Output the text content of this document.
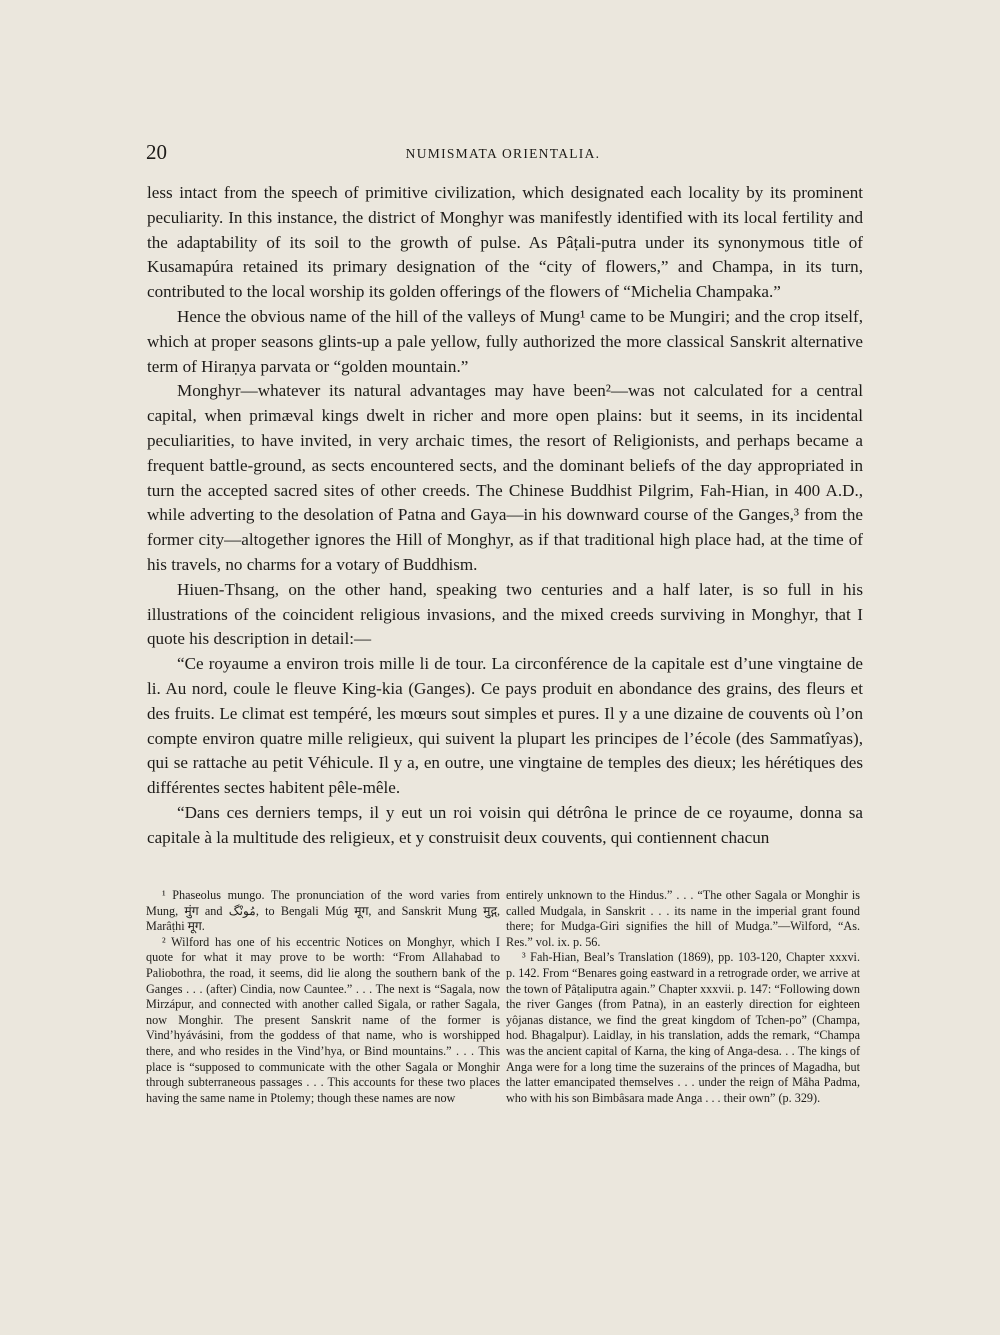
20	NUMISMATA ORIENTALIA.

less intact from the speech of primitive civilization, which designated each locality by its prominent peculiarity. In this instance, the district of Monghyr was manifestly identified with its local fertility and the adaptability of its soil to the growth of pulse. As Pâṭali-putra under its synonymous title of Kusamapúra retained its primary designation of the “city of flowers,” and Champa, in its turn, contributed to the local worship its golden offerings of the flowers of “Michelia Champaka.”

Hence the obvious name of the hill of the valleys of Mung¹ came to be Mungiri; and the crop itself, which at proper seasons glints-up a pale yellow, fully authorized the more classical Sanskrit alternative term of Hiraṇya parvata or “golden mountain.”

Monghyr—whatever its natural advantages may have been²—was not calculated for a central capital, when primæval kings dwelt in richer and more open plains: but it seems, in its incidental peculiarities, to have invited, in very archaic times, the resort of Religionists, and perhaps became a frequent battle-ground, as sects encountered sects, and the dominant beliefs of the day appropriated in turn the accepted sacred sites of other creeds. The Chinese Buddhist Pilgrim, Fah-Hian, in 400 A.D., while adverting to the desolation of Patna and Gaya—in his downward course of the Ganges,³ from the former city—altogether ignores the Hill of Monghyr, as if that traditional high place had, at the time of his travels, no charms for a votary of Buddhism.

Hiuen-Thsang, on the other hand, speaking two centuries and a half later, is so full in his illustrations of the coincident religious invasions, and the mixed creeds surviving in Monghyr, that I quote his description in detail:—

“Ce royaume a environ trois mille li de tour. La circonférence de la capitale est d’une vingtaine de li. Au nord, coule le fleuve King-kia (Ganges). Ce pays produit en abondance des grains, des fleurs et des fruits. Le climat est tempéré, les mœurs sout simples et pures. Il y a une dizaine de couvents où l’on compte environ quatre mille religieux, qui suivent la plupart les principes de l’école (des Sammatîyas), qui se rattache au petit Véhicule. Il y a, en outre, une vingtaine de temples des dieux; les hérétiques des différentes sectes habitent pêle-mêle.

“Dans ces derniers temps, il y eut un roi voisin qui détrôna le prince de ce royaume, donna sa capitale à la multitude des religieux, et y construisit deux couvents, qui contiennent chacun

¹ Phaseolus mungo. The pronunciation of the word varies from Mung, मुंग and مُونْگ, to Bengali Múg मूग, and Sanskrit Mung मुद्ग, Marâṭhi मूग.

² Wilford has one of his eccentric Notices on Monghyr, which I quote for what it may prove to be worth: “From Allahabad to Paliobothra, the road, it seems, did lie along the southern bank of the Ganges . . . (after) Cindia, now Cauntee.” . . . The next is “Sagala, now Mirzápur, and connected with another called Sigala, or rather Sagala, now Monghir. The present Sanskrit name of the former is Vind’hyávásini, from the goddess of that name, who is worshipped there, and who resides in the Vind’hya, or Bind mountains.” . . . This place is “supposed to communicate with the other Sagala or Monghir through subterraneous passages . . . This accounts for these two places having the same name in Ptolemy; though these names are now

entirely unknown to the Hindus.” . . . “The other Sagala or Monghir is called Mudgala, in Sanskrit . . . its name in the imperial grant found there; for Mudga-Giri signifies the hill of Mudga.”—Wilford, “As. Res.” vol. ix. p. 56.

³ Fah-Hian, Beal’s Translation (1869), pp. 103-120, Chapter xxxvi. p. 142. From “Benares going eastward in a retrograde order, we arrive at the town of Pâṭaliputra again.” Chapter xxxvii. p. 147: “Following down the river Ganges (from Patna), in an easterly direction for eighteen yôjanas distance, we find the great kingdom of Tchen-po” (Champa, hod. Bhagalpur). Laidlay, in his translation, adds the remark, “Champa was the ancient capital of Karna, the king of Anga-desa. . . The kings of Anga were for a long time the suzerains of the princes of Magadha, but the latter emancipated themselves . . . under the reign of Mâha Padma, who with his son Bimbâsara made Anga . . . their own” (p. 329).
